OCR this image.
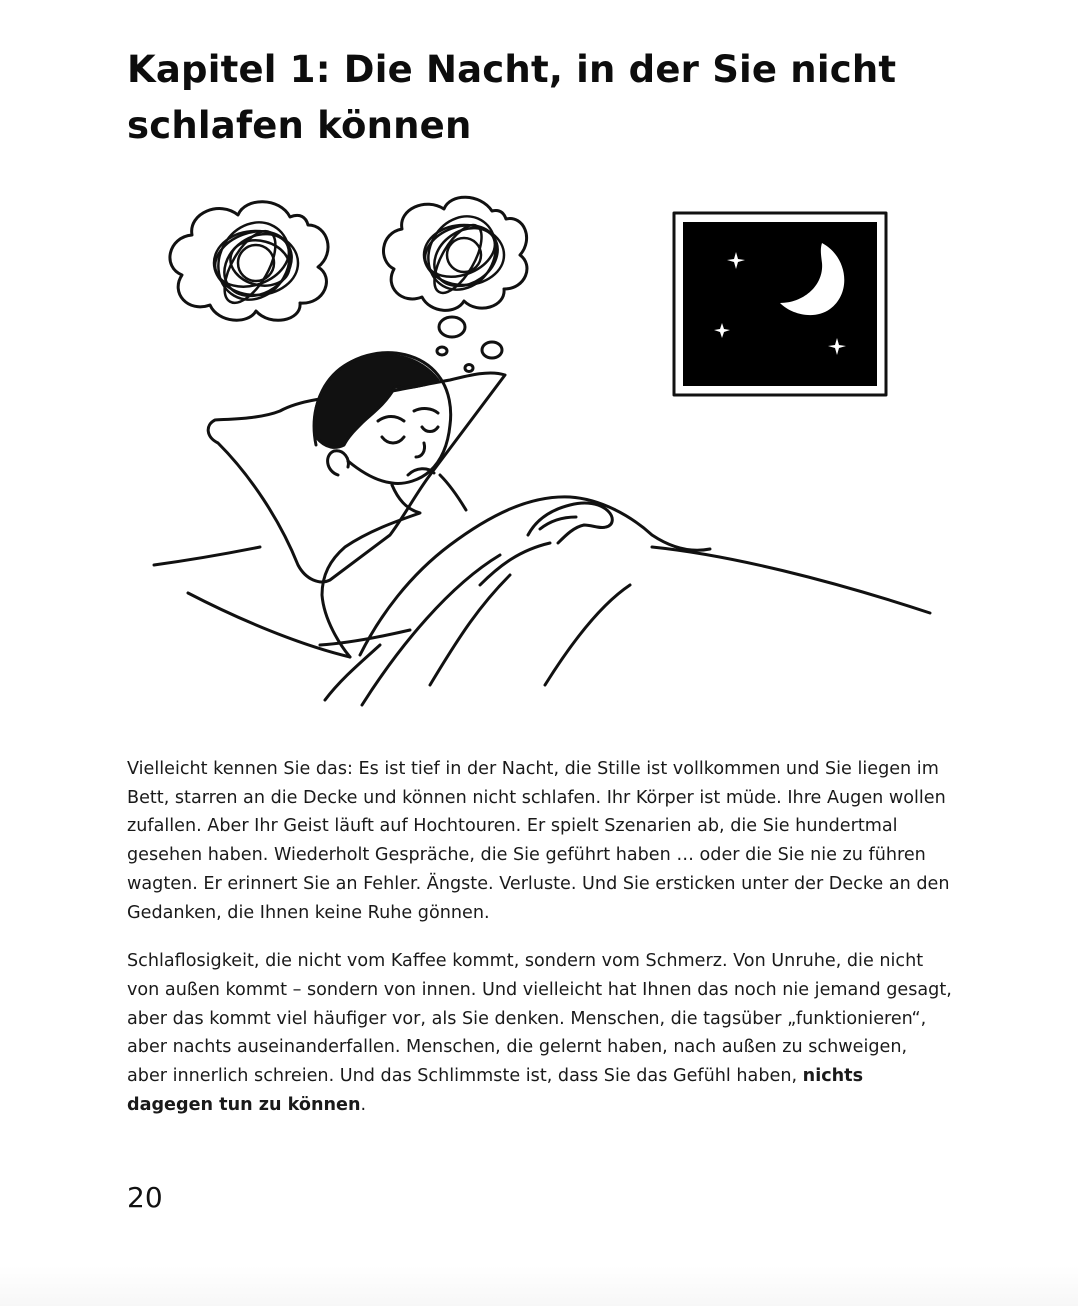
Kapitel 1: Die Nacht, in der Sie nicht schlafen können

Vielleicht kennen Sie das: Es ist tief in der Nacht, die Stille ist vollkommen und Sie liegen im Bett, starren an die Decke und können nicht schlafen. Ihr Körper ist müde. Ihre Augen wollen zufallen. Aber Ihr Geist läuft auf Hochtouren. Er spielt Szenarien ab, die Sie hundertmal gesehen haben. Wiederholt Gespräche, die Sie geführt haben … oder die Sie nie zu führen wagten. Er erinnert Sie an Fehler. Ängste. Verluste. Und Sie ersticken unter der Decke an den Gedanken, die Ihnen keine Ruhe gönnen.

Schlaflosigkeit, die nicht vom Kaffee kommt, sondern vom Schmerz. Von Unruhe, die nicht von außen kommt – sondern von innen. Und vielleicht hat Ihnen das noch nie jemand gesagt, aber das kommt viel häufiger vor, als Sie denken. Menschen, die tagsüber „funktionieren“, aber nachts auseinanderfallen. Menschen, die gelernt haben, nach außen zu schweigen, aber innerlich schreien. Und das Schlimmste ist, dass Sie das Gefühl haben, nichts dagegen tun zu können.

20
